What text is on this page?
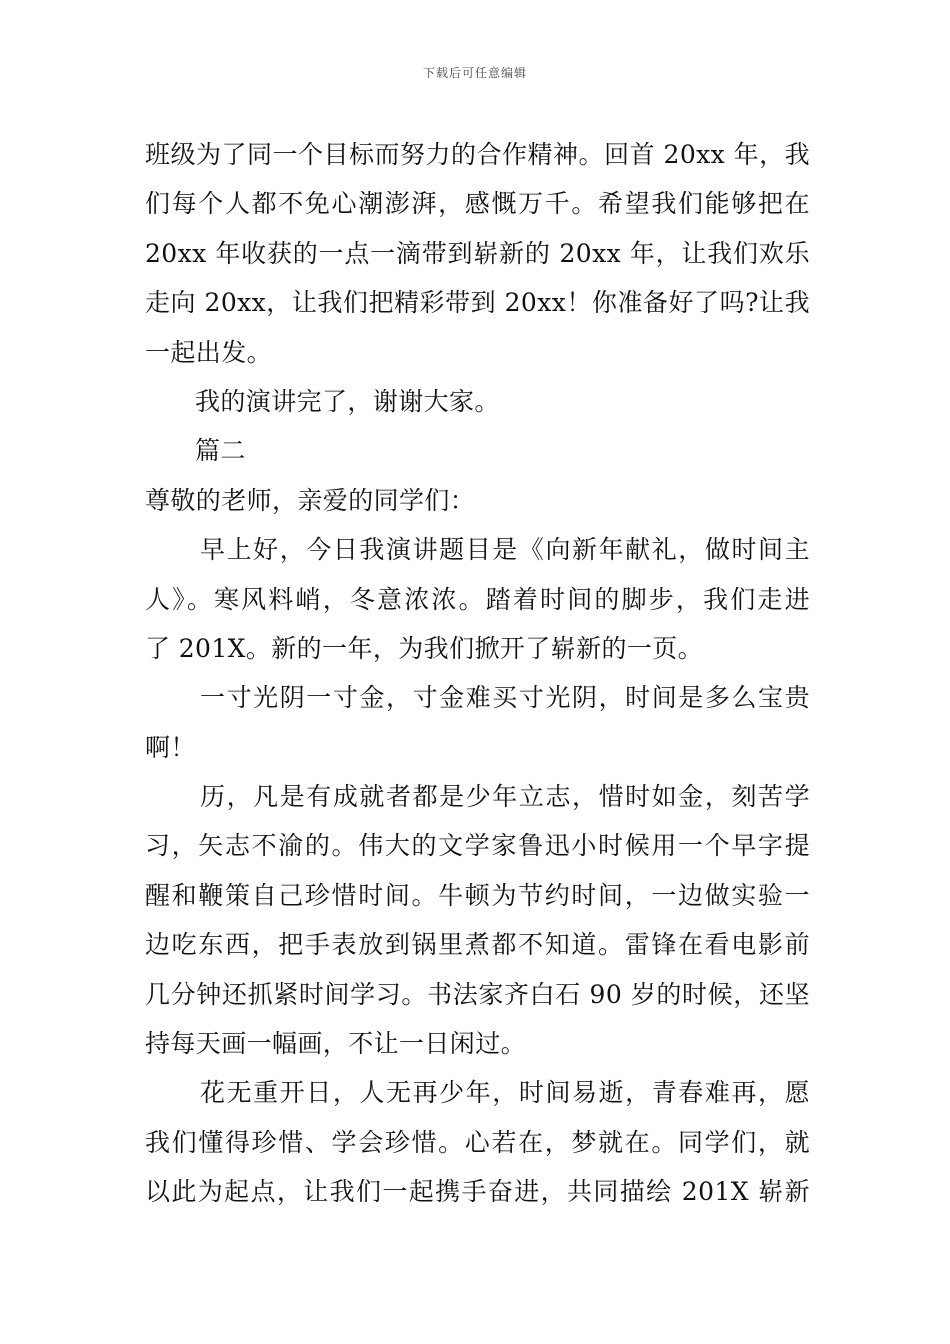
下载后可任意编辑
班级为了同一个目标而努力的合作精神。回首 20xx 年，我
们每个人都不免心潮澎湃，感慨万千。希望我们能够把在
20xx 年收获的一点一滴带到崭新的 20xx 年，让我们欢乐
走向 20xx，让我们把精彩带到 20xx！你准备好了吗?让我
一起出发。
我的演讲完了，谢谢大家。
篇二
尊敬的老师，亲爱的同学们：
早上好，今日我演讲题目是《向新年献礼，做时间主
人》。寒风料峭，冬意浓浓。踏着时间的脚步，我们走进
了 201X。新的一年，为我们掀开了崭新的一页。
一寸光阴一寸金，寸金难买寸光阴，时间是多么宝贵
啊！
历，凡是有成就者都是少年立志，惜时如金，刻苦学
习，矢志不渝的。伟大的文学家鲁迅小时候用一个早字提
醒和鞭策自己珍惜时间。牛顿为节约时间，一边做实验一
边吃东西，把手表放到锅里煮都不知道。雷锋在看电影前
几分钟还抓紧时间学习。书法家齐白石 90 岁的时候，还坚
持每天画一幅画，不让一日闲过。
花无重开日，人无再少年，时间易逝，青春难再，愿
我们懂得珍惜、学会珍惜。心若在，梦就在。同学们，就
以此为起点，让我们一起携手奋进，共同描绘 201X 崭新
